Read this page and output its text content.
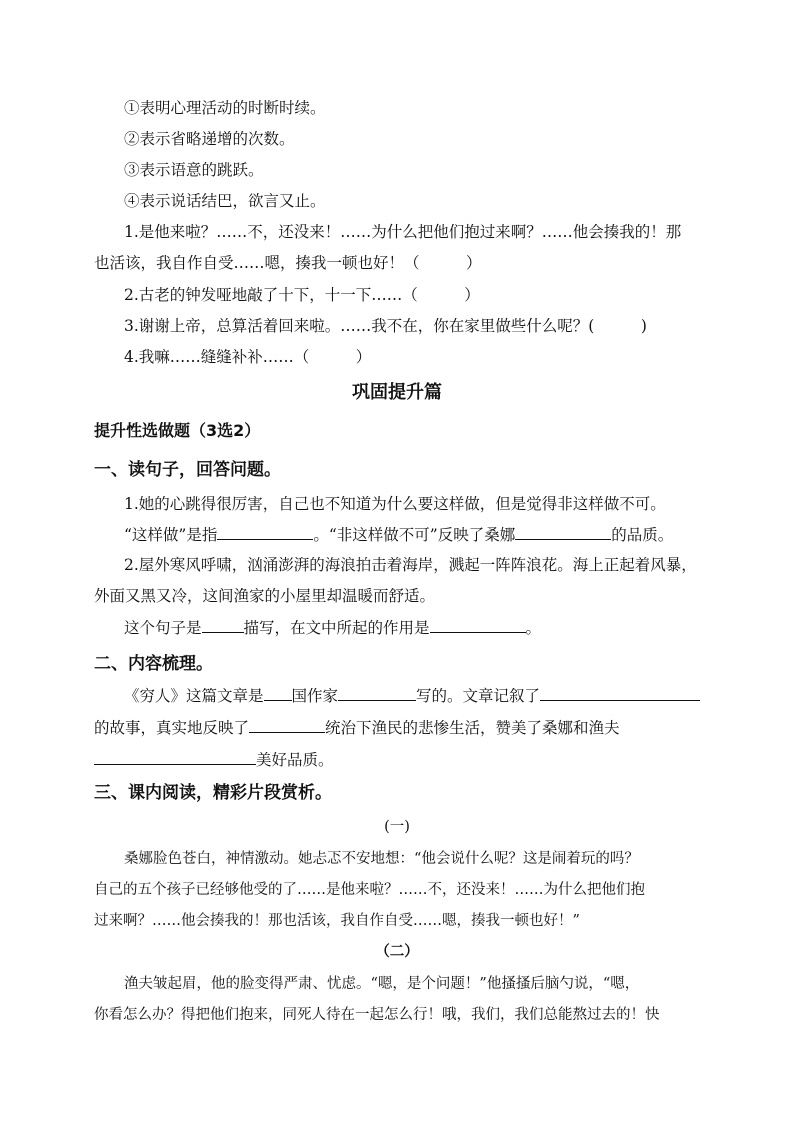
①表明心理活动的时断时续。
②表示省略递增的次数。
③表示语意的跳跃。
④表示说话结巴，欲言又止。
1.是他来啦？……不，还没来！……为什么把他们抱过来啊？……他会揍我的！那
也活该，我自作自受……嗯，揍我一顿也好！（　　　）
2.古老的钟发哑地敲了十下，十一下……（　　　）
3.谢谢上帝，总算活着回来啦。……我不在，你在家里做些什么呢？(　　　)
4.我嘛……缝缝补补……（　　　）
巩固提升篇
提升性选做题（3选2）
一、读句子，回答问题。
1.她的心跳得很厉害，自己也不知道为什么要这样做，但是觉得非这样做不可。
“这样做”是指	。“非这样做不可”反映了桑娜	的品质。
2.屋外寒风呼啸，汹涌澎湃的海浪拍击着海岸，溅起一阵阵浪花。海上正起着风暴，
外面又黑又冷，这间渔家的小屋里却温暖而舒适。
这个句子是	描写，在文中所起的作用是	。
二、内容梳理。
《穷人》这篇文章是 国作家	写的。文章记叙了
的故事，真实地反映了	统治下渔民的悲惨生活，赞美了桑娜和渔夫
美好品质。
三、课内阅读，精彩片段赏析。
(一)
桑娜脸色苍白，神情激动。她忐忑不安地想：“他会说什么呢？这是闹着玩的吗？
自己的五个孩子已经够他受的了……是他来啦？……不，还没来！……为什么把他们抱
过来啊？……他会揍我的！那也活该，我自作自受……嗯，揍我一顿也好！”
（二）
渔夫皱起眉，他的脸变得严肃、忧虑。“嗯，是个问题！”他搔搔后脑勺说，“嗯，
你看怎么办？得把他们抱来，同死人待在一起怎么行！哦，我们，我们总能熬过去的！快
